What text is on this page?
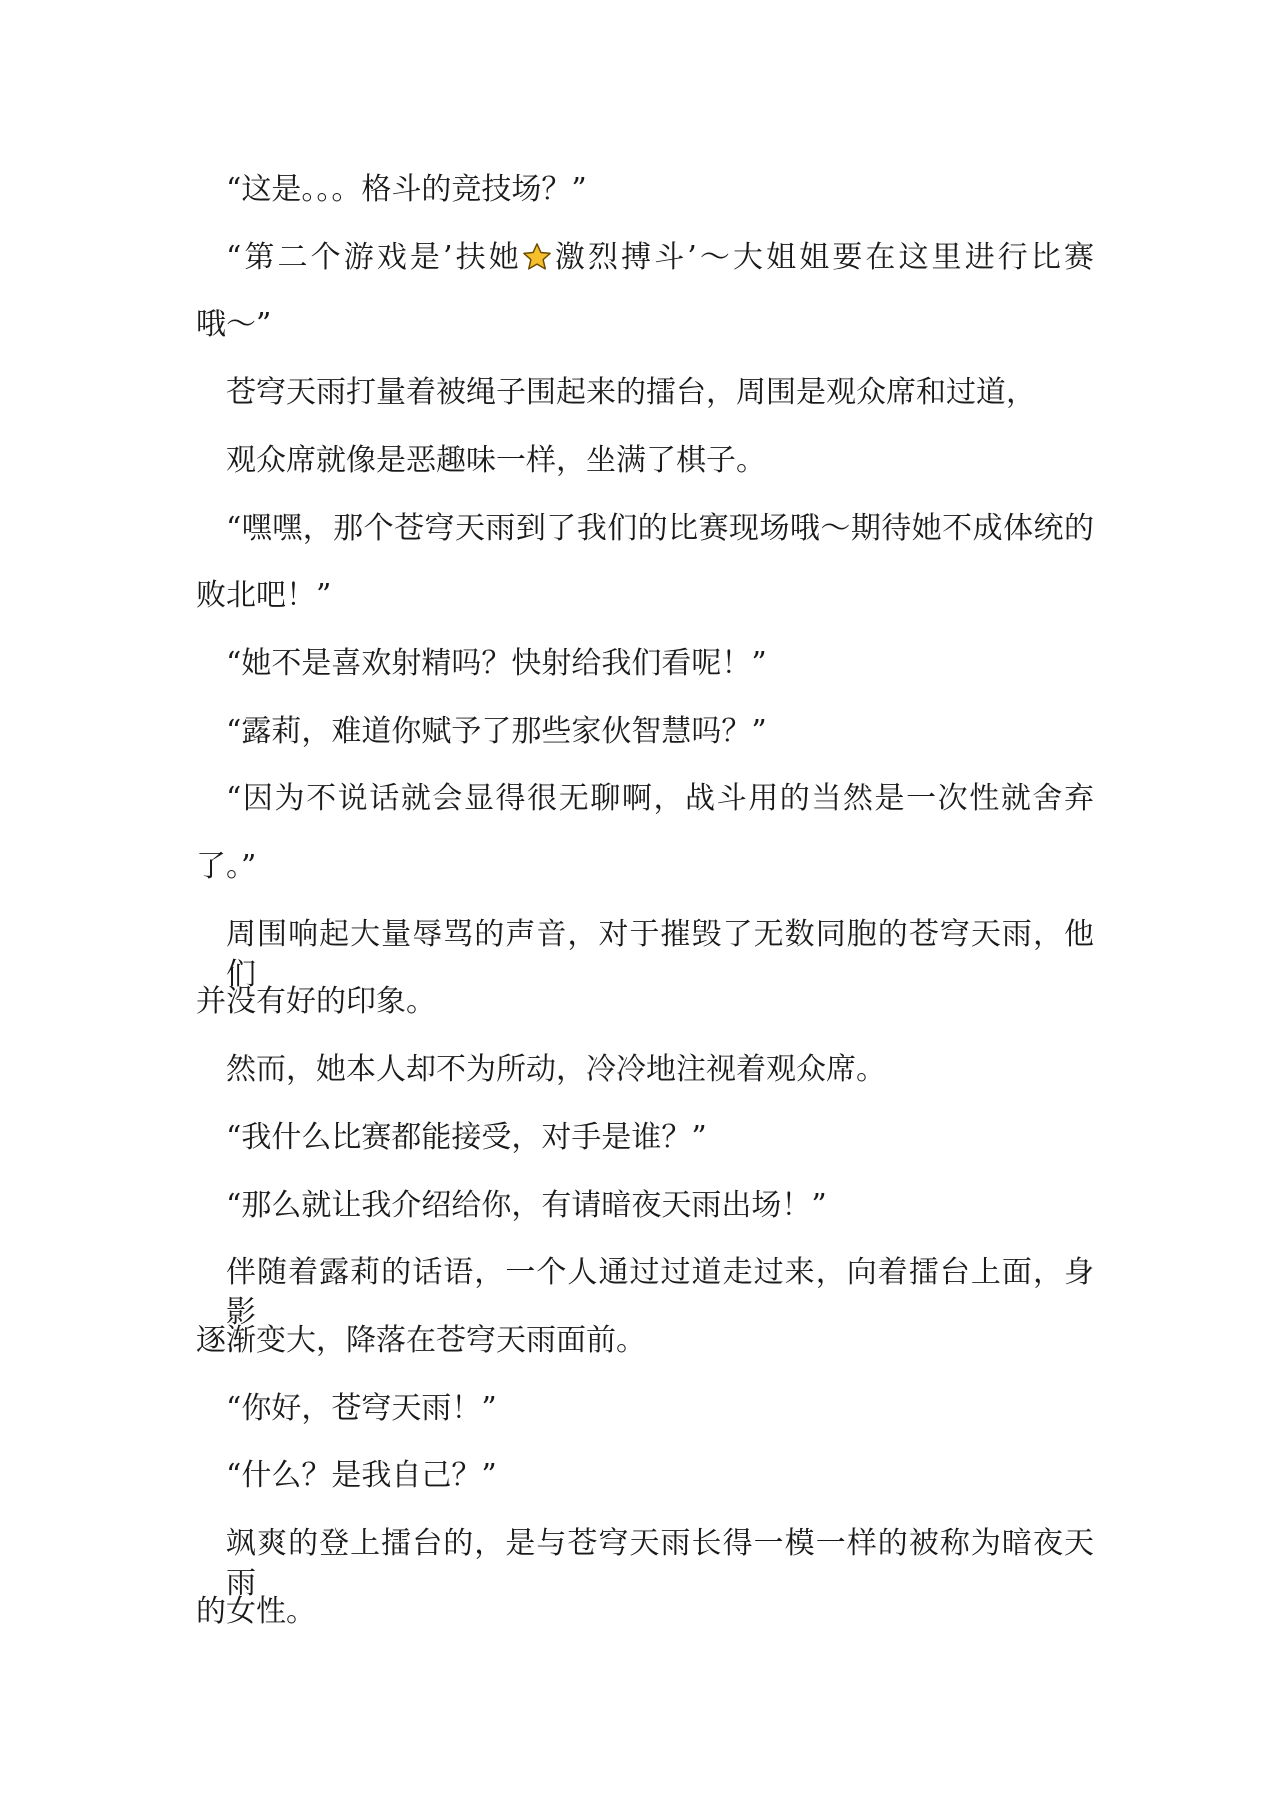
“这是。。。格斗的竞技场？”
“第二个游戏是’扶她 激烈搏斗’～大姐姐要在这里进行比赛
哦～”
苍穹天雨打量着被绳子围起来的擂台，周围是观众席和过道，
观众席就像是恶趣味一样，坐满了棋子。
“嘿嘿，那个苍穹天雨到了我们的比赛现场哦～期待她不成体统的
败北吧！”
“她不是喜欢射精吗？快射给我们看呢！”
“露莉，难道你赋予了那些家伙智慧吗？”
“因为不说话就会显得很无聊啊，战斗用的当然是一次性就舍弃
了。”
周围响起大量辱骂的声音，对于摧毁了无数同胞的苍穹天雨，他们
并没有好的印象。
然而，她本人却不为所动，冷冷地注视着观众席。
“我什么比赛都能接受，对手是谁？”
“那么就让我介绍给你，有请暗夜天雨出场！”
伴随着露莉的话语，一个人通过过道走过来，向着擂台上面，身影
逐渐变大，降落在苍穹天雨面前。
“你好，苍穹天雨！”
“什么？是我自己？”
飒爽的登上擂台的，是与苍穹天雨长得一模一样的被称为暗夜天雨
的女性。
